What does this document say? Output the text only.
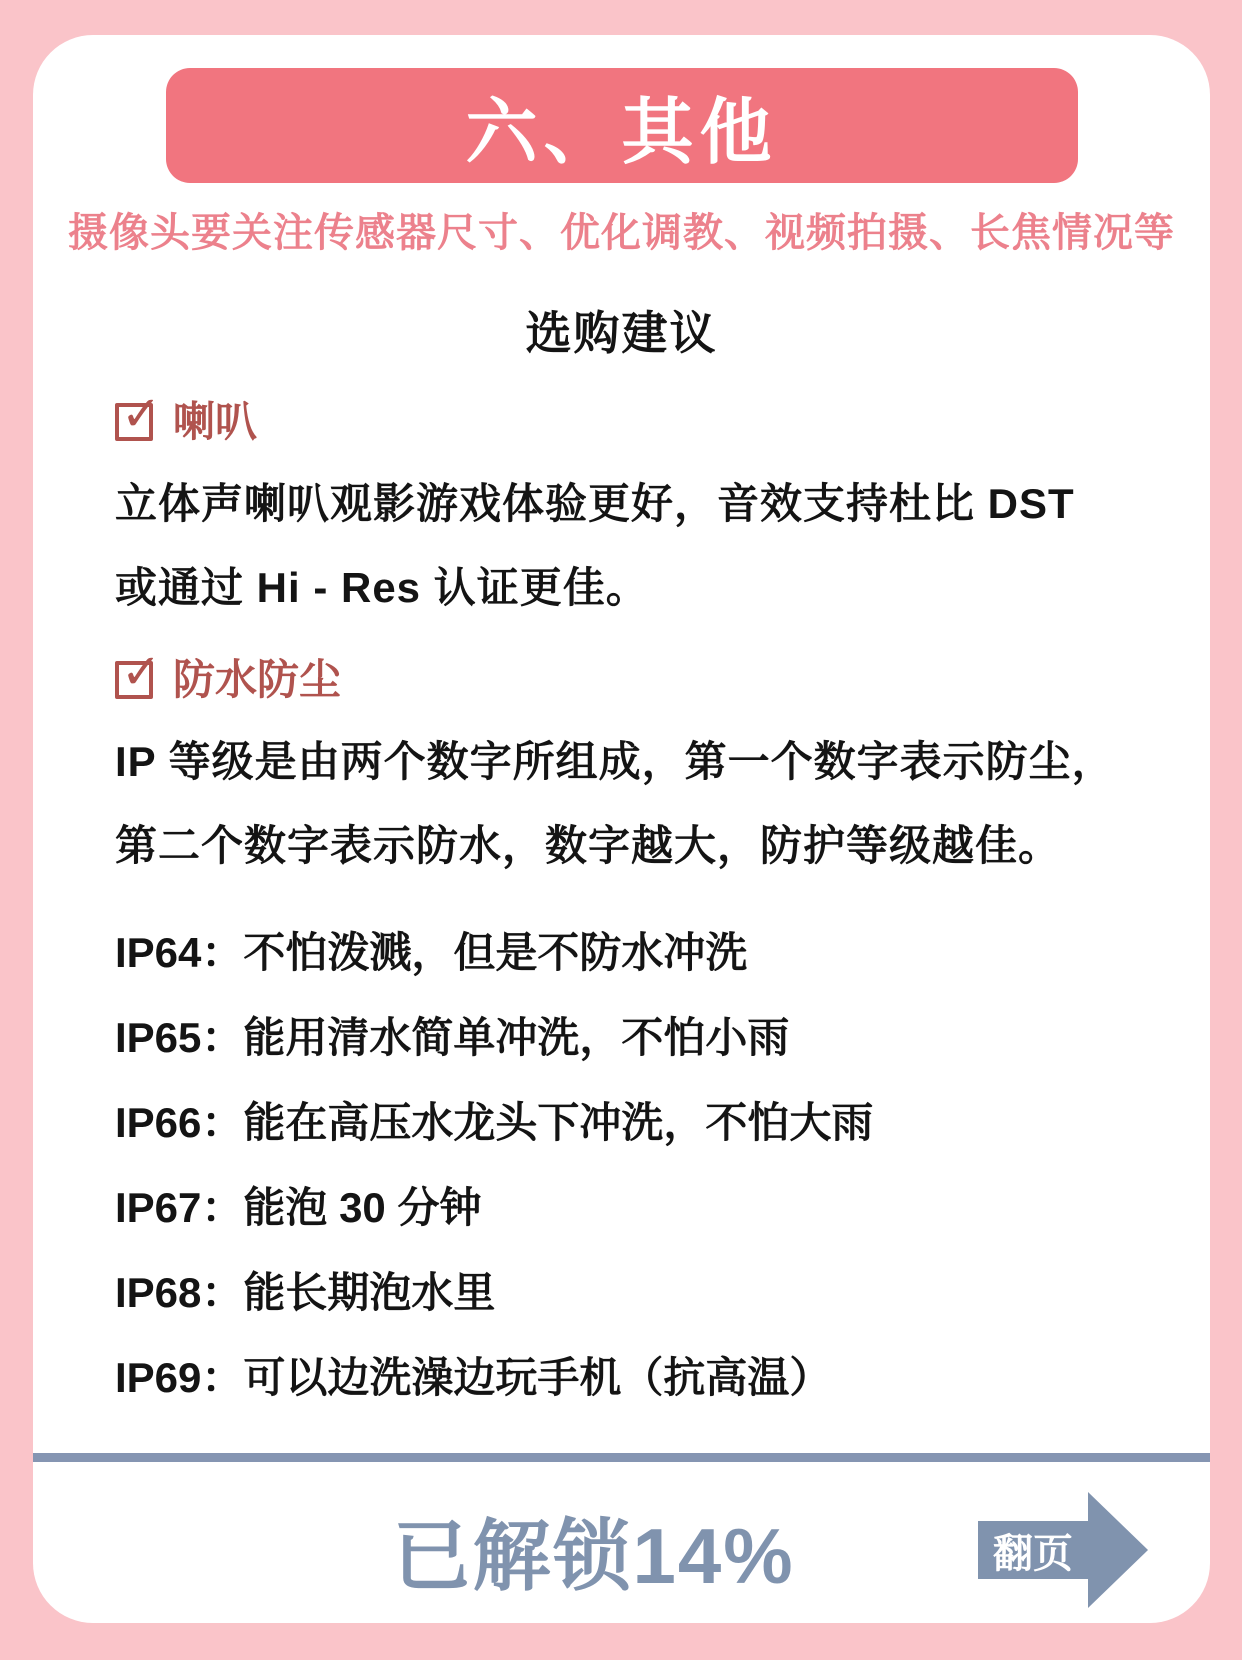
六、其他
摄像头要关注传感器尺寸、优化调教、视频拍摄、长焦情况等
选购建议
✓ 喇叭
立体声喇叭观影游戏体验更好，音效支持杜比 DST
或通过 Hi - Res 认证更佳。
✓ 防水防尘
IP 等级是由两个数字所组成，第一个数字表示防尘，
第二个数字表示防水，数字越大，防护等级越佳。
IP64：不怕泼溅，但是不防水冲洗
IP65：能用清水简单冲洗，不怕小雨
IP66：能在高压水龙头下冲洗，不怕大雨
IP67：能泡 30 分钟
IP68：能长期泡水里
IP69：可以边洗澡边玩手机（抗高温）
已解锁14%	翻页
